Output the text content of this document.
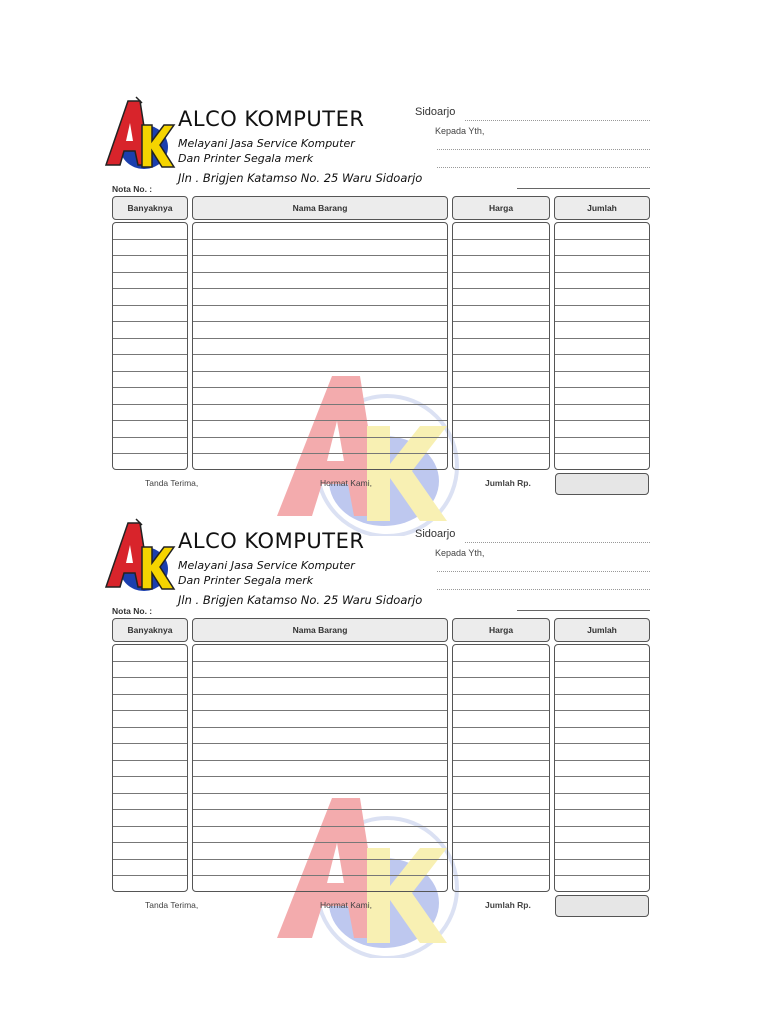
ALCO KOMPUTER
Melayani Jasa Service Komputer
Dan Printer Segala merk
Jln . Brigjen Katamso No. 25 Waru Sidoarjo
Sidoarjo
Kepada Yth,
Nota No. :
Banyaknya	Nama Barang	Harga	Jumlah
Tanda Terima,	Hormat Kami,	Jumlah Rp.
ALCO KOMPUTER
Melayani Jasa Service Komputer
Dan Printer Segala merk
Jln . Brigjen Katamso No. 25 Waru Sidoarjo
Sidoarjo
Kepada Yth,
Nota No. :
Banyaknya	Nama Barang	Harga	Jumlah
Tanda Terima,	Hormat Kami,	Jumlah Rp.
